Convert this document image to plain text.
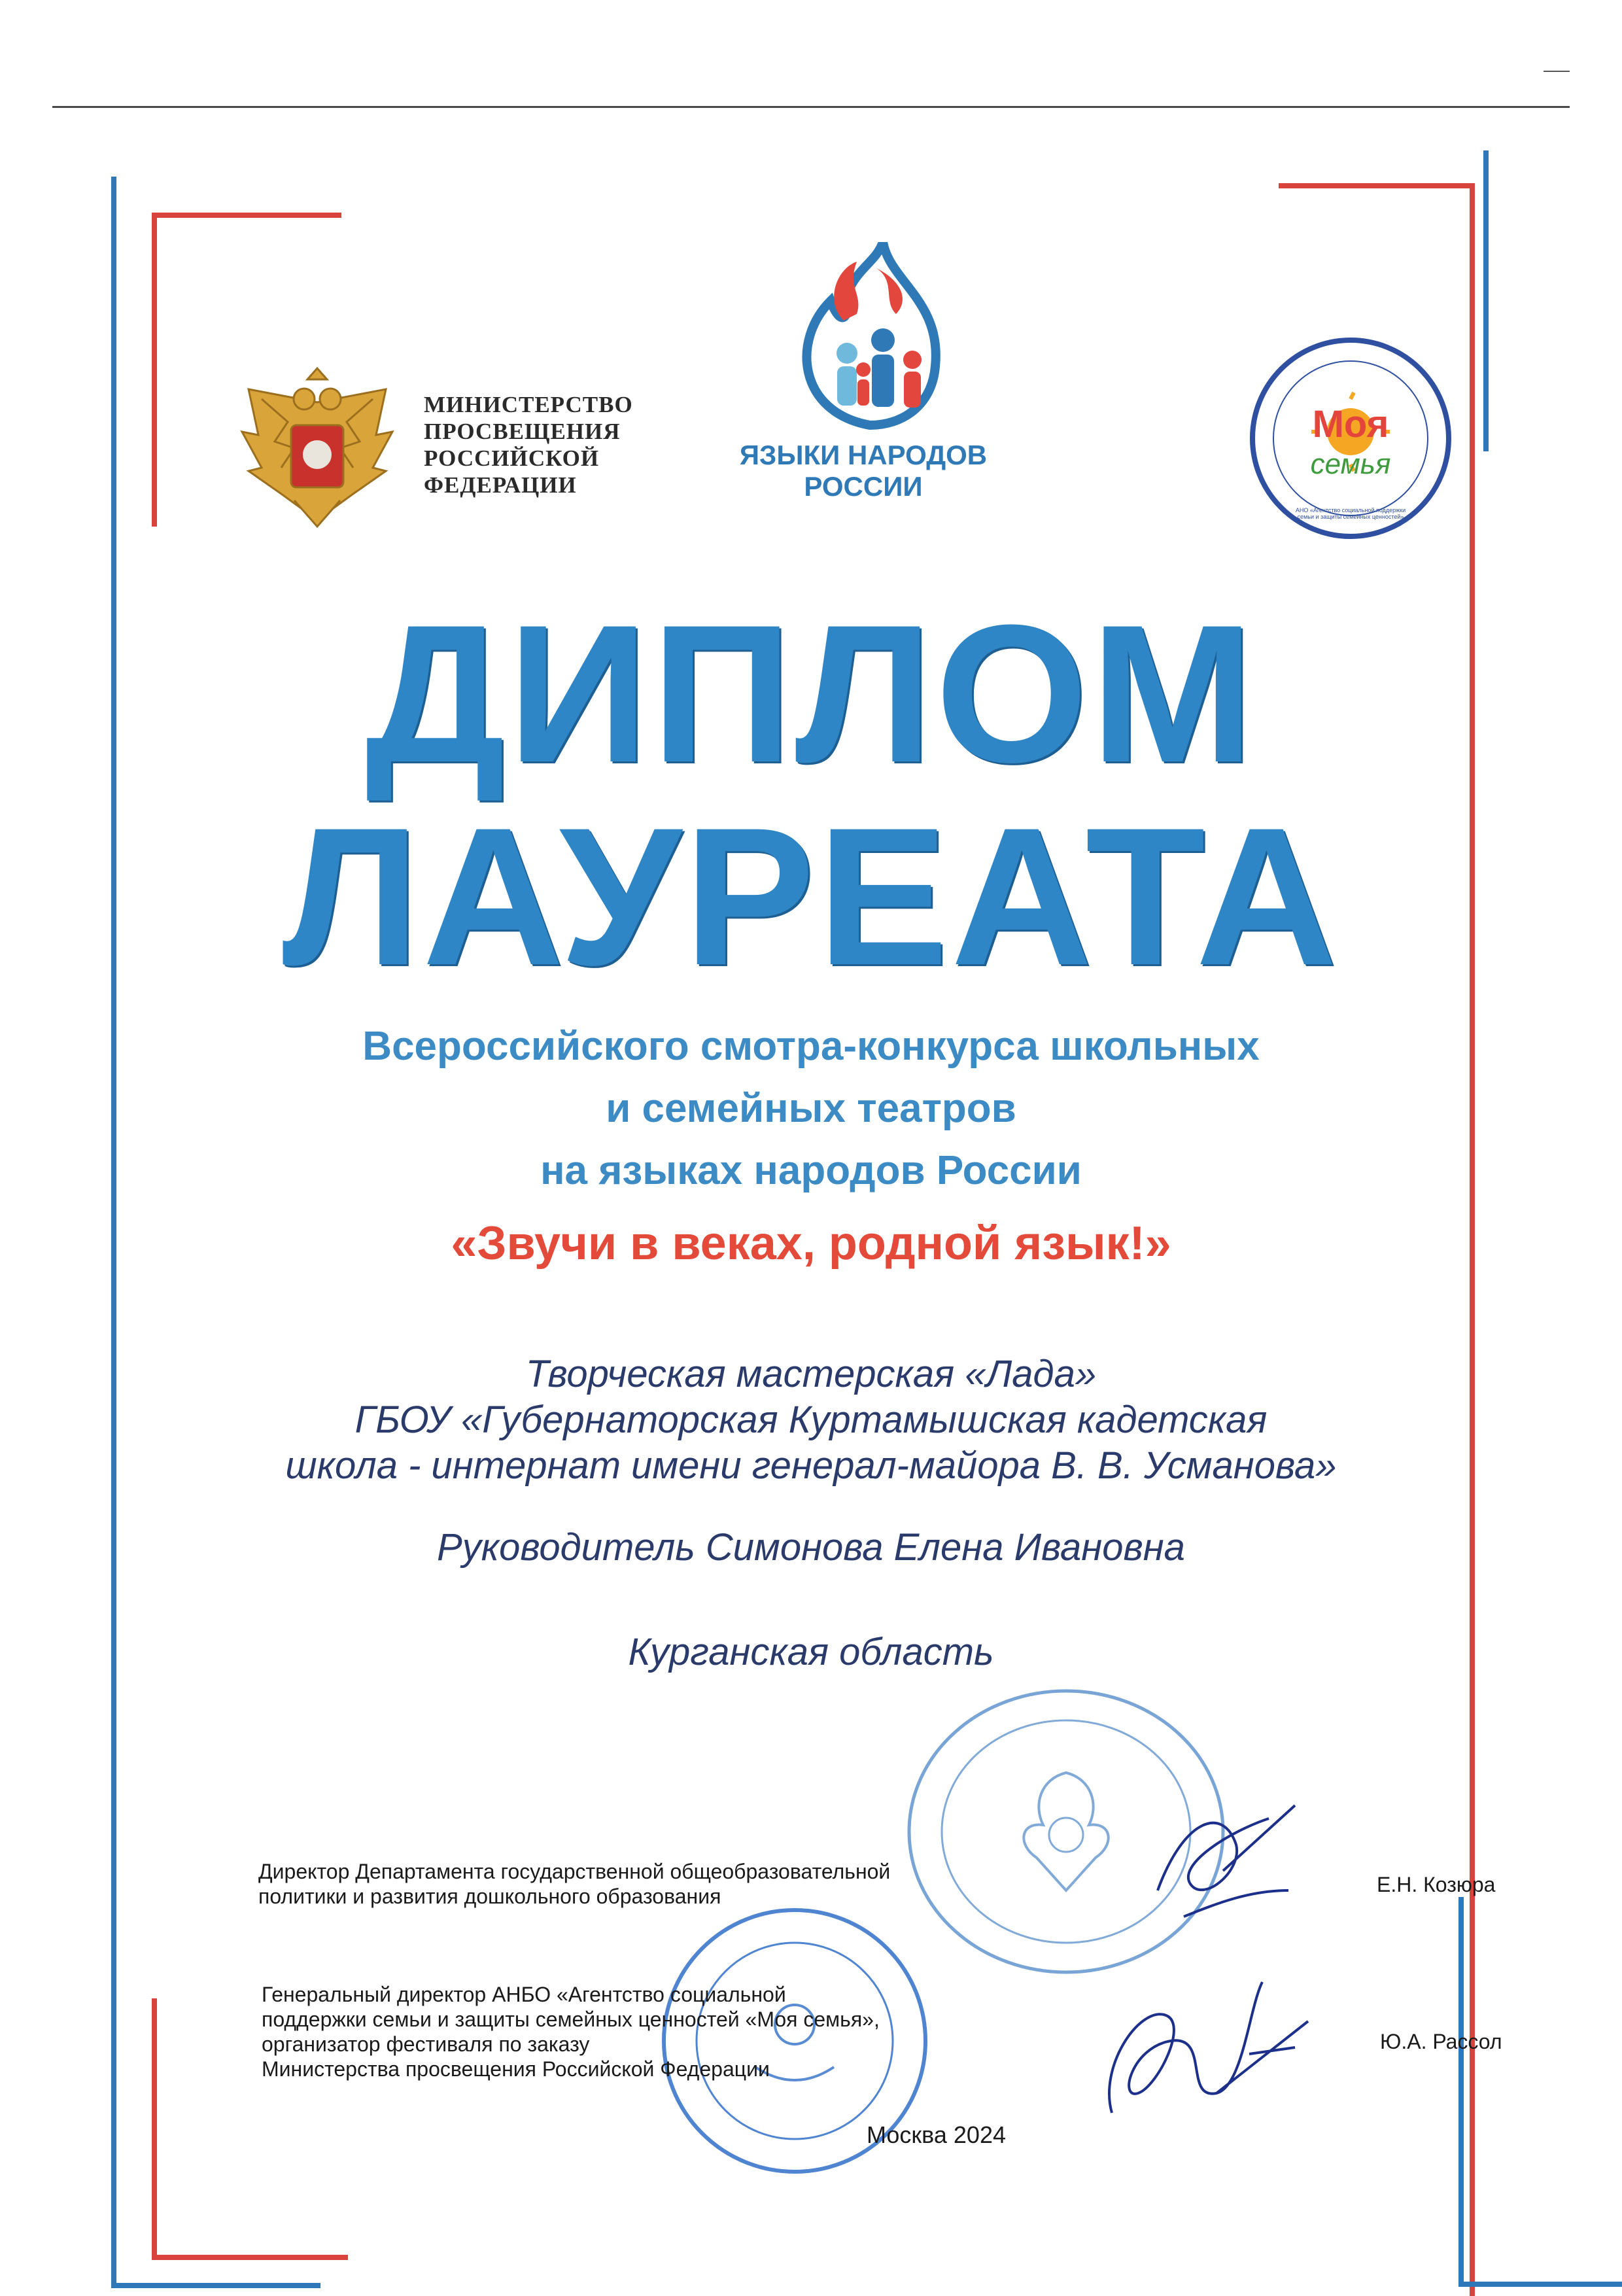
МИНИСТЕРСТВО
ПРОСВЕЩЕНИЯ
РОССИЙСКОЙ
ФЕДЕРАЦИИ
ЯЗЫКИ НАРОДОВ
РОССИИ
Моя
семья
АНО «Агентство социальной поддержки семьи и защиты семейных ценностей»
ДИПЛОМ
ЛАУРЕАТА
Всероссийского смотра-конкурса школьных
и семейных театров
на языках народов России
«Звучи в веках, родной язык!»
Творческая мастерская «Лада»
ГБОУ «Губернаторская Куртамышская кадетская
школа - интернат имени генерал-майора В. В. Усманова»
Руководитель Симонова Елена Ивановна
Курганская область
Директор Департамента государственной общеобразовательной
политики и развития дошкольного образования	Е.Н. Козюра
Генеральный директор АНБО «Агентство социальной
поддержки семьи и защиты семейных ценностей «Моя семья»,
организатор фестиваля по заказу
Министерства просвещения Российской Федерации
Ю.А. Рассол
Москва 2024
